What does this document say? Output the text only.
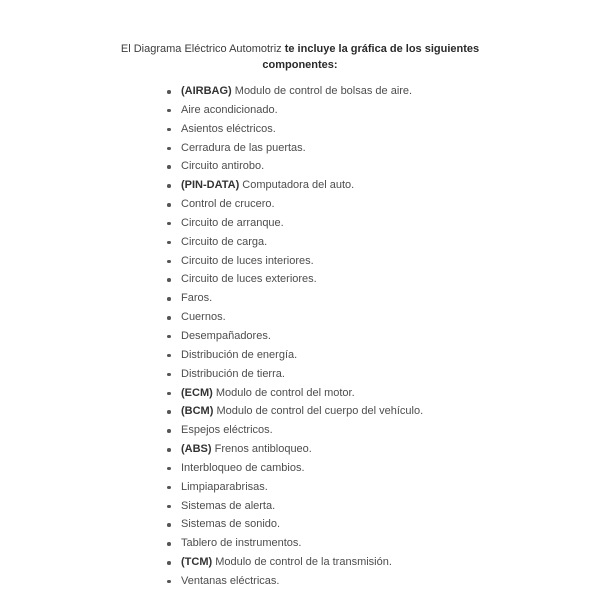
El Diagrama Eléctrico Automotriz te incluye la gráfica de los siguientes
componentes:
(AIRBAG) Modulo de control de bolsas de aire.
Aire acondicionado.
Asientos eléctricos.
Cerradura de las puertas.
Circuito antirobo.
(PIN-DATA) Computadora del auto.
Control de crucero.
Circuito de arranque.
Circuito de carga.
Circuito de luces interiores.
Circuito de luces exteriores.
Faros.
Cuernos.
Desempañadores.
Distribución de energía.
Distribución de tierra.
(ECM) Modulo de control del motor.
(BCM) Modulo de control del cuerpo del vehículo.
Espejos eléctricos.
(ABS) Frenos antibloqueo.
Interbloqueo de cambios.
Limpiaparabrisas.
Sistemas de alerta.
Sistemas de sonido.
Tablero de instrumentos.
(TCM) Modulo de control de la transmisión.
Ventanas eléctricas.
